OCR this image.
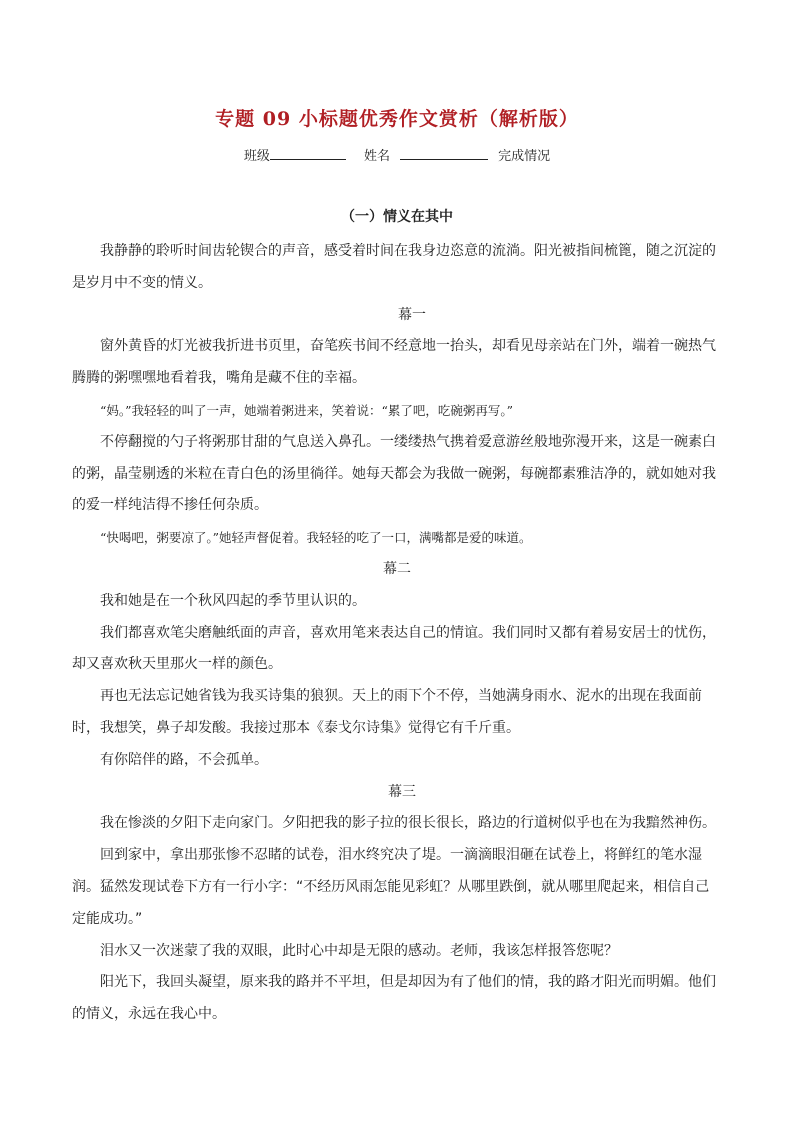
专题 09 小标题优秀作文赏析（解析版）
班级	姓名	完成情况
（一）情义在其中

我静静的聆听时间齿轮锲合的声音，感受着时间在我身边恣意的流淌。阳光被指间梳篦，随之沉淀的是岁月中不变的情义。

幕一

窗外黄昏的灯光被我折进书页里，奋笔疾书间不经意地一抬头，却看见母亲站在门外，端着一碗热气腾腾的粥嘿嘿地看着我，嘴角是藏不住的幸福。

“妈。”我轻轻的叫了一声，她端着粥进来，笑着说：“累了吧，吃碗粥再写。”

不停翻搅的勺子将粥那甘甜的气息送入鼻孔。一缕缕热气携着爱意游丝般地弥漫开来，这是一碗素白的粥，晶莹剔透的米粒在青白色的汤里徜徉。她每天都会为我做一碗粥，每碗都素雅洁净的，就如她对我的爱一样纯洁得不掺任何杂质。

“快喝吧，粥要凉了。”她轻声督促着。我轻轻的吃了一口，满嘴都是爱的味道。

幕二

我和她是在一个秋风四起的季节里认识的。

我们都喜欢笔尖磨触纸面的声音，喜欢用笔来表达自己的情谊。我们同时又都有着易安居士的忧伤，却又喜欢秋天里那火一样的颜色。

再也无法忘记她省钱为我买诗集的狼狈。天上的雨下个不停，当她满身雨水、泥水的出现在我面前时，我想笑，鼻子却发酸。我接过那本《泰戈尔诗集》觉得它有千斤重。

有你陪伴的路，不会孤单。

幕三

我在惨淡的夕阳下走向家门。夕阳把我的影子拉的很长很长，路边的行道树似乎也在为我黯然神伤。

回到家中，拿出那张惨不忍睹的试卷，泪水终究决了堤。一滴滴眼泪砸在试卷上，将鲜红的笔水湿润。猛然发现试卷下方有一行小字：“不经历风雨怎能见彩虹？从哪里跌倒，就从哪里爬起来，相信自己定能成功。”

泪水又一次迷蒙了我的双眼，此时心中却是无限的感动。老师，我该怎样报答您呢？

阳光下，我回头凝望，原来我的路并不平坦，但是却因为有了他们的情，我的路才阳光而明媚。他们的情义，永远在我心中。
